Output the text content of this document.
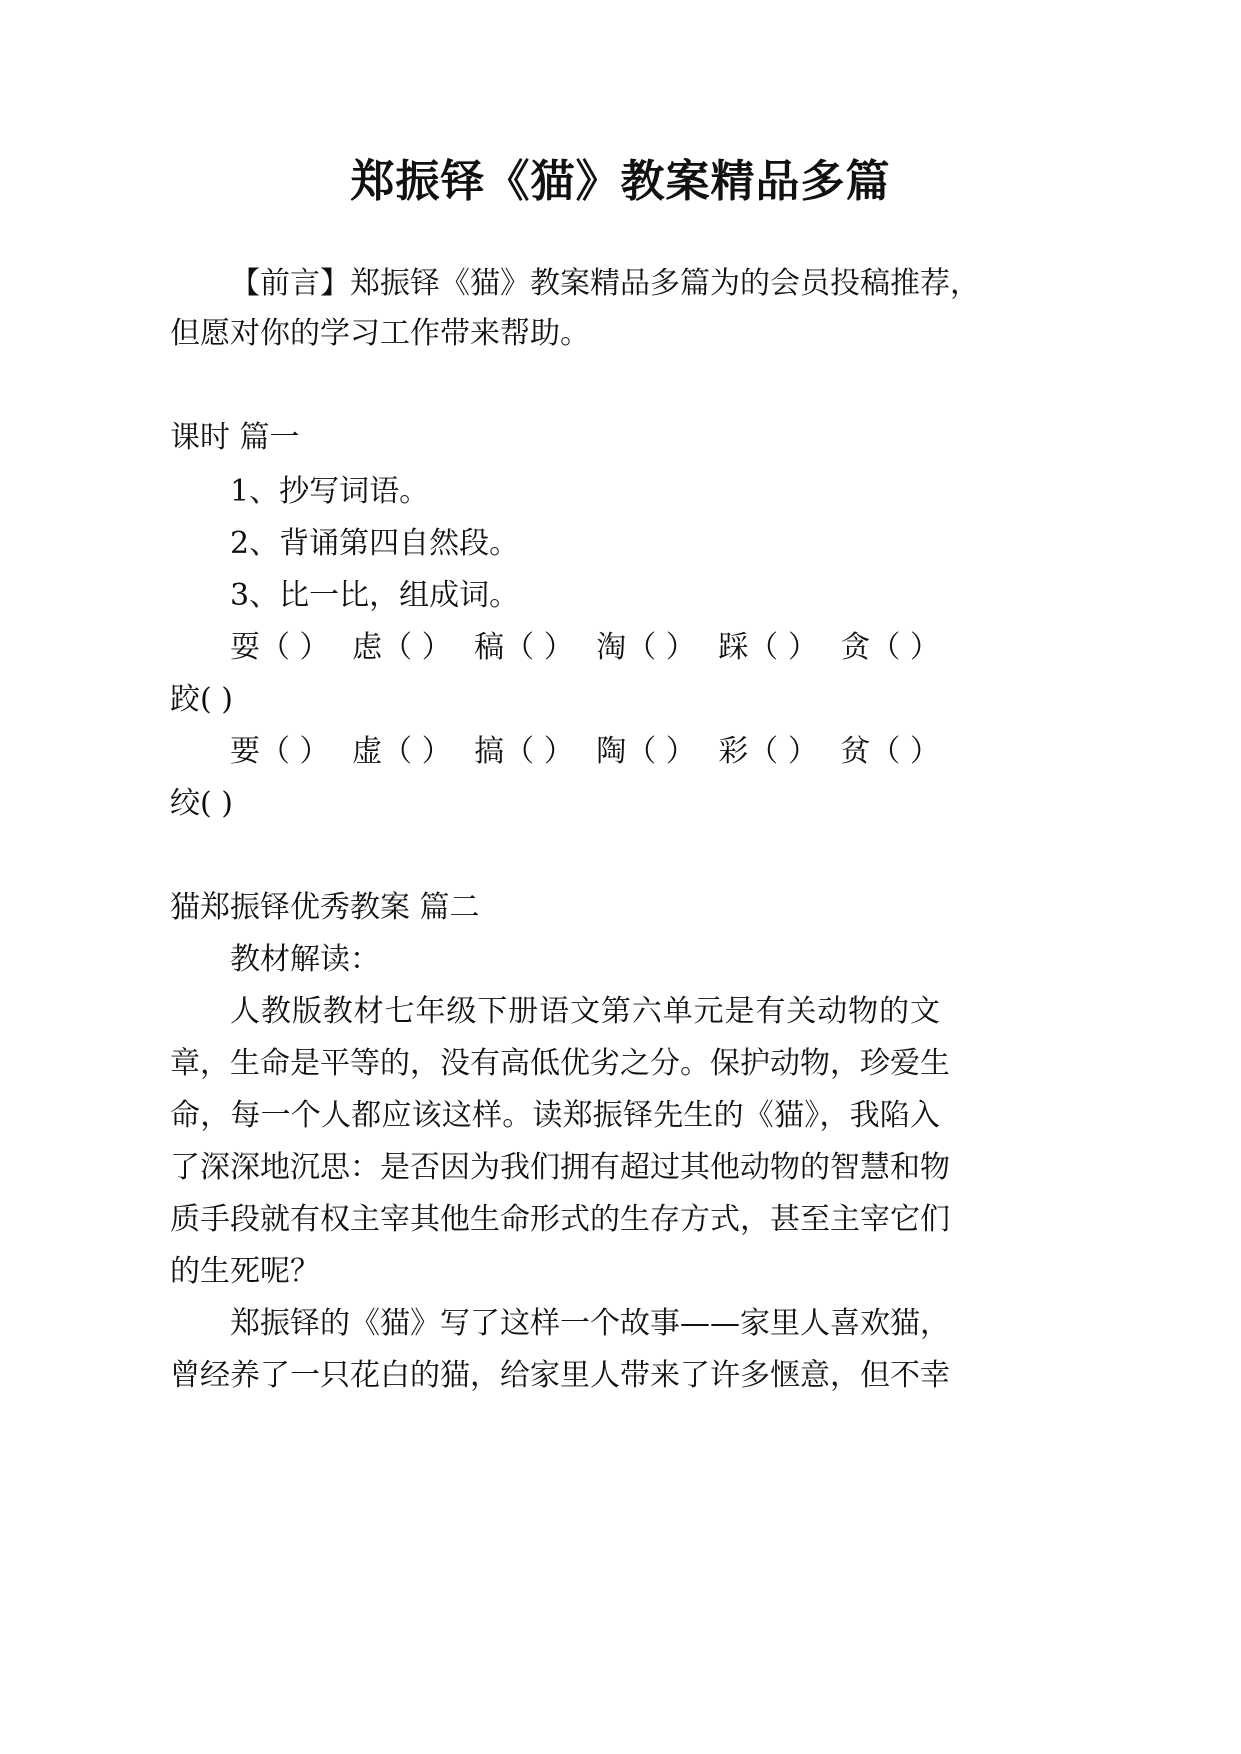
郑振铎《猫》教案精品多篇
【前言】郑振铎《猫》教案精品多篇为的会员投稿推荐，
但愿对你的学习工作带来帮助。
课时 篇一
1、抄写词语。
2、背诵第四自然段。
3、比一比，组成词。
耍（ ） 虑（ ） 稿（ ） 淘（ ） 踩（ ） 贪（ ）
跤( )
要（ ） 虚（ ） 搞（ ） 陶（ ） 彩（ ） 贫（ ）
绞( )
猫郑振铎优秀教案 篇二
教材解读：
人教版教材七年级下册语文第六单元是有关动物的文
章，生命是平等的，没有高低优劣之分。保护动物，珍爱生
命，每一个人都应该这样。读郑振铎先生的《猫》，我陷入
了深深地沉思：是否因为我们拥有超过其他动物的智慧和物
质手段就有权主宰其他生命形式的生存方式，甚至主宰它们
的生死呢？
郑振铎的《猫》写了这样一个故事——家里人喜欢猫，
曾经养了一只花白的猫，给家里人带来了许多惬意，但不幸
